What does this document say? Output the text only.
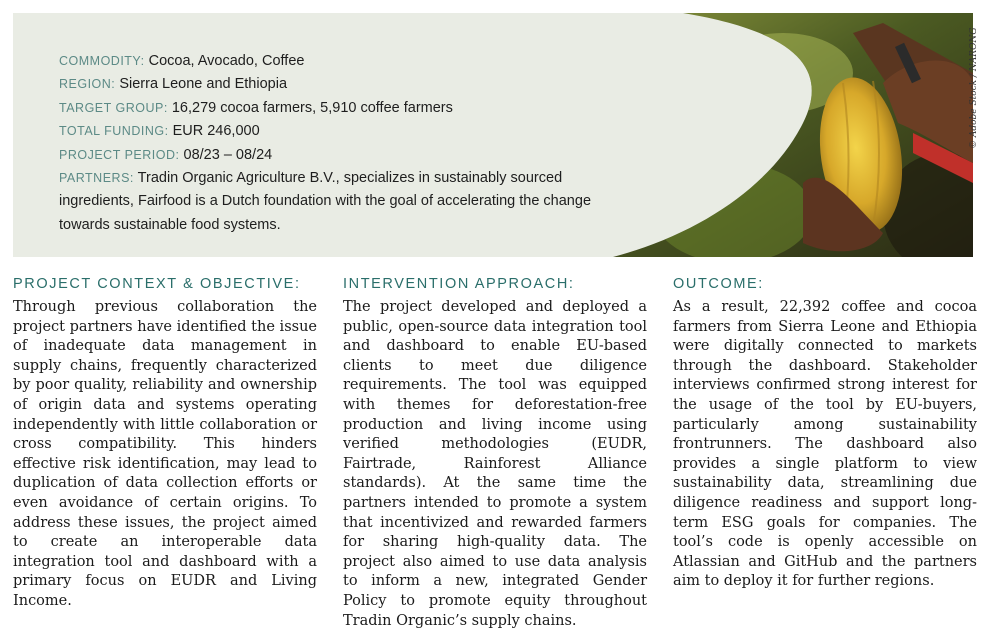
COMMODITY: Cocoa, Avocado, Coffee
REGION: Sierra Leone and Ethiopia
TARGET GROUP: 16,279 cocoa farmers, 5,910 coffee farmers
TOTAL FUNDING: EUR 246,000
PROJECT PERIOD: 08/23 – 08/24
PARTNERS: Tradin Organic Agriculture B.V., specializes in sustainably sourced ingredients, Fairfood is a Dutch foundation with the goal of accelerating the change towards sustainable food systems.
© Adobe Stock / NARONG
PROJECT CONTEXT & OBJECTIVE:

Through previous collaboration the project partners have identified the issue of inadequate data management in supply chains, frequently characterized by poor quality, reliability and ownership of origin data and systems operating independently with little collaboration or cross compatibility. This hinders effective risk identification, may lead to duplication of data collection efforts or even avoidance of certain origins. To address these issues, the project aimed to create an interoperable data integration tool and dashboard with a primary focus on EUDR and Living Income.

INTERVENTION APPROACH:

The project developed and deployed a public, open-source data integration tool and dashboard to enable EU-based clients to meet due diligence requirements. The tool was equipped with themes for deforestation-free production and living income using verified methodologies (EUDR, Fairtrade, Rainforest Alliance standards). At the same time the partners intended to promote a system that incentivized and rewarded farmers for sharing high-quality data. The project also aimed to use data analysis to inform a new, integrated Gender Policy to promote equity throughout Tradin Organic’s supply chains.

OUTCOME:

As a result, 22,392 coffee and cocoa farmers from Sierra Leone and Ethiopia were digitally connected to markets through the dashboard. Stakeholder interviews confirmed strong interest for the usage of the tool by EU-buyers, particularly among sustainability frontrunners. The dashboard also provides a single platform to view sustainability data, streamlining due diligence readiness and support long-term ESG goals for companies. The tool’s code is openly accessible on Atlassian and GitHub and the partners aim to deploy it for further regions.
